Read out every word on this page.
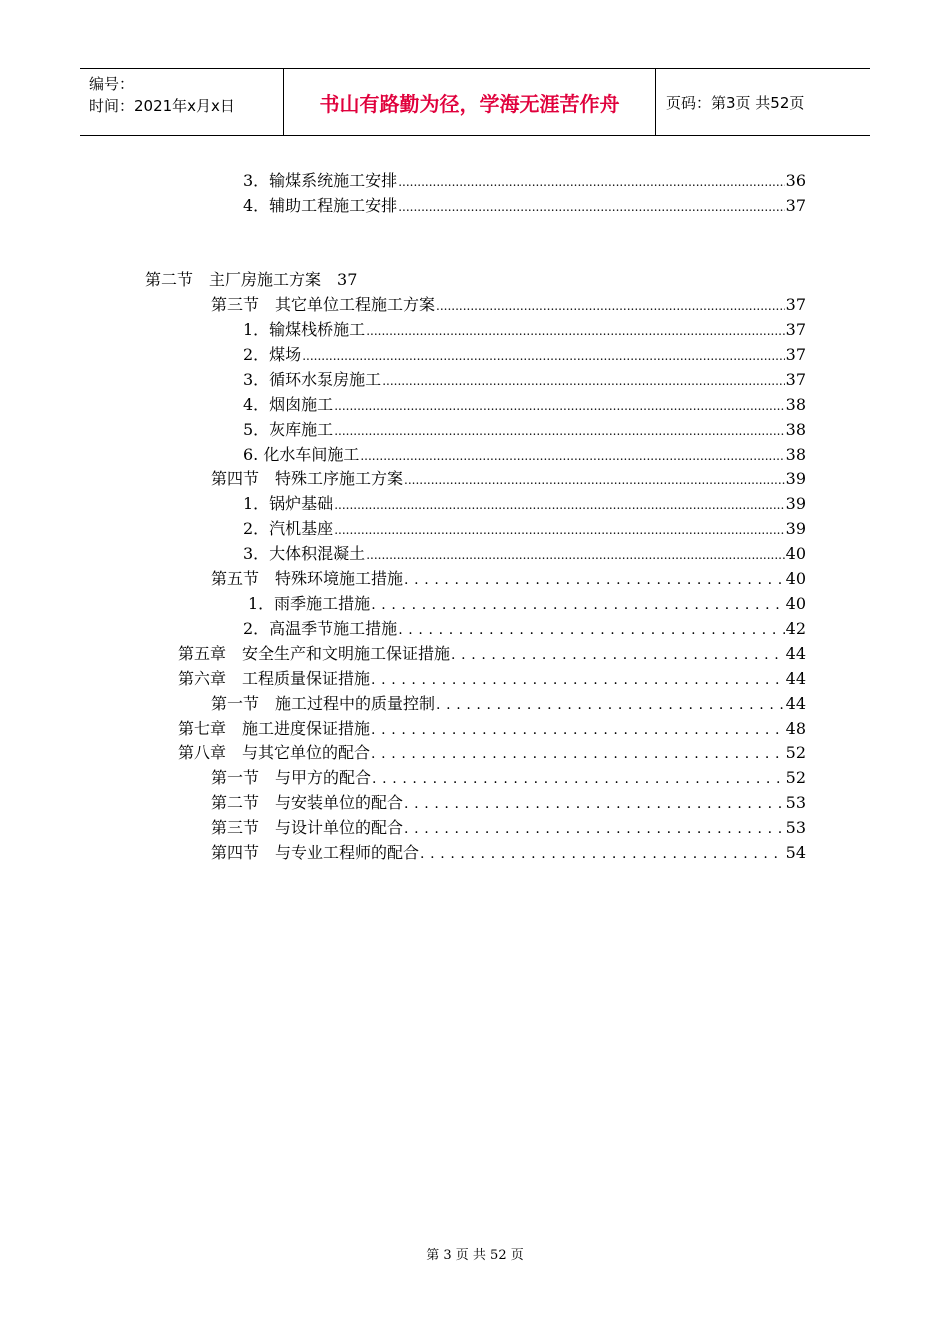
编号：
时间：2021年x月x日	书山有路勤为径，学海无涯苦作舟	页码：第3页 共52页
3．输煤系统施工安排 .....	36
4．辅助工程施工安排 .....	37
第二节　主厂房施工方案 37
第三节　其它单位工程施工方案 .....	37
1．输煤栈桥施工 .....	37
2．煤场 .....	37
3．循环水泵房施工 .....	37
4．烟囱施工 .....	38
5．灰库施工 .....	38
6. 化水车间施工 .....	38
第四节　特殊工序施工方案 .....	39
1．锅炉基础 .....	39
2．汽机基座 .....	39
3．大体积混凝土 .....	40
第五节　特殊环境施工措施 . . .	40
1．雨季施工措施 . . .	40
2．高温季节施工措施 . . .	42
第五章　安全生产和文明施工保证措施 . . .	44
第六章　工程质量保证措施 . . .	44
第一节　施工过程中的质量控制 . . .	44
第七章　施工进度保证措施 . . .	48
第八章　与其它单位的配合 . . .	52
第一节　与甲方的配合 . . .	52
第二节　与安装单位的配合 . . .	53
第三节　与设计单位的配合 . . .	53
第四节　与专业工程师的配合 . . .	54
第 3 页 共 52 页
